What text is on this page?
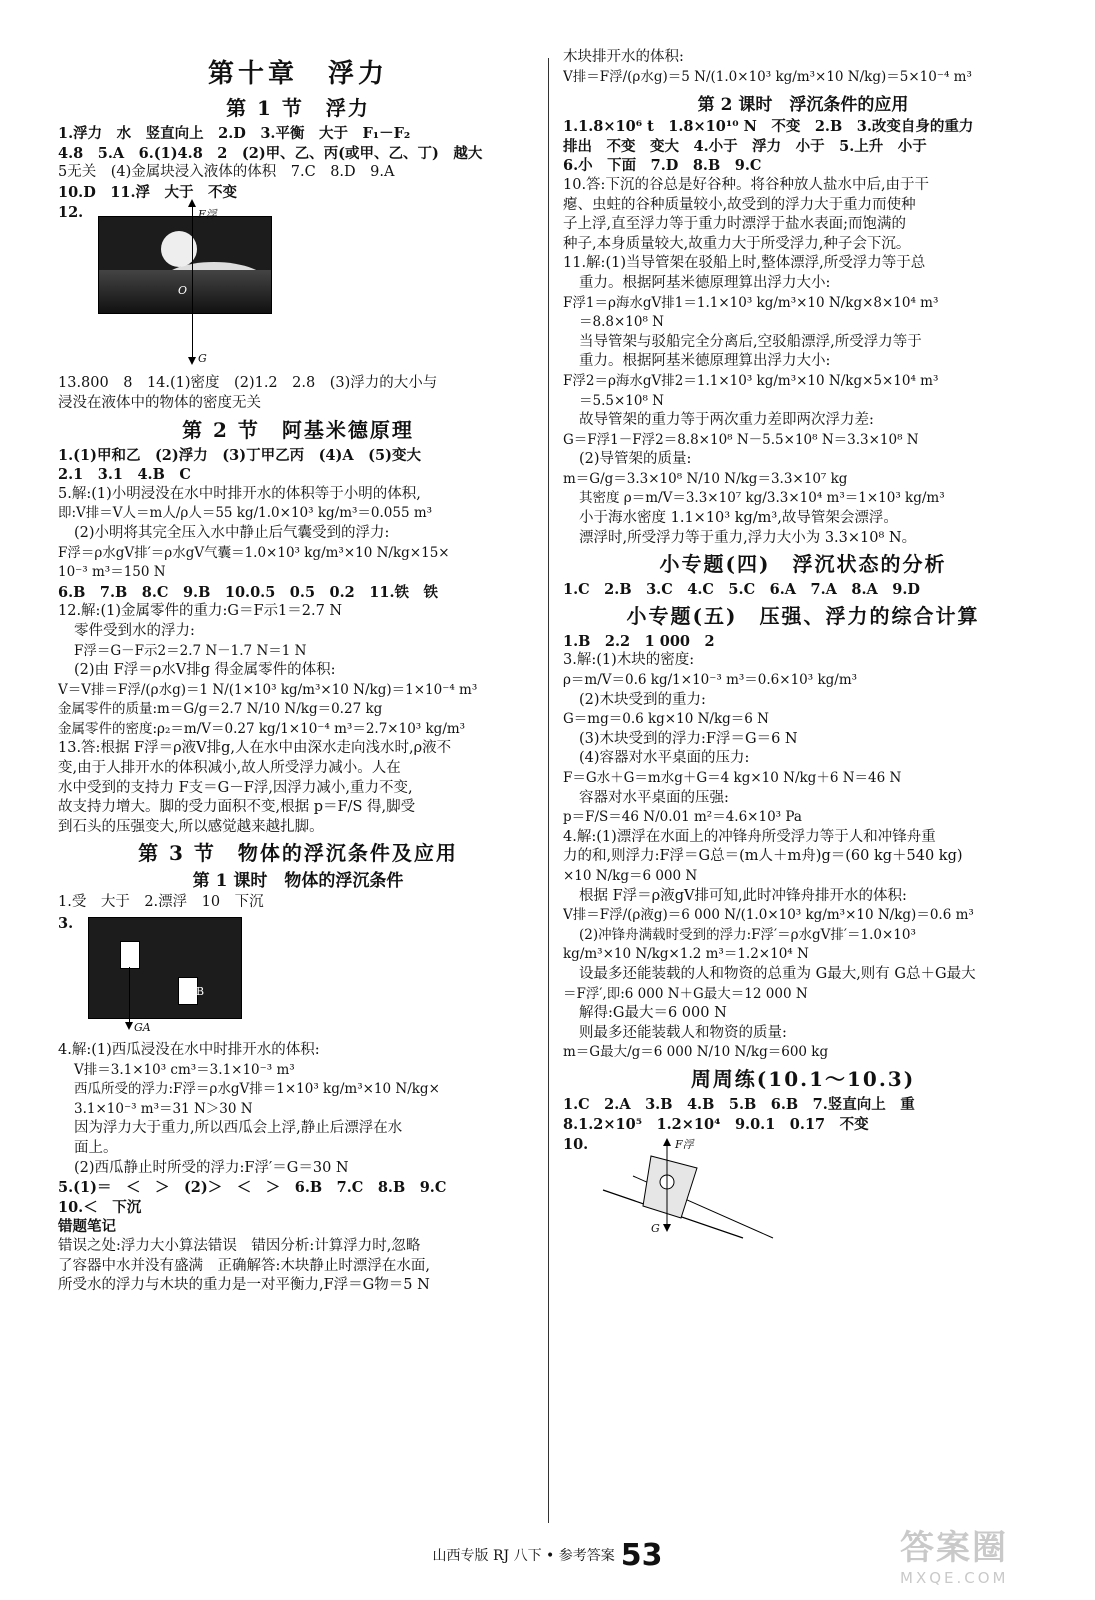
第十章　浮力
第 1 节　浮力
1.浮力　水　竖直向上　2.D　3.平衡　大于　F₁－F₂
4.8　5.A　6.(1)4.8　2　(2)甲、乙、丙(或甲、乙、丁)　越大
5无关　(4)金属块浸入液体的体积　7.C　8.D　9.A
10.D　11.浮　大于　不变
12.	F浮
O
G
13.800　8　14.(1)密度　(2)1.2　2.8　(3)浮力的大小与
浸没在液体中的物体的密度无关
第 2 节　阿基米德原理
1.(1)甲和乙　(2)浮力　(3)丁甲乙丙　(4)A　(5)变大
2.1　3.1　4.B　C
5.解:(1)小明浸没在水中时排开水的体积等于小明的体积,
即:V排＝V人＝m人/ρ人＝55 kg/1.0×10³ kg/m³＝0.055 m³
(2)小明将其完全压入水中静止后气囊受到的浮力:
F浮＝ρ水gV排′＝ρ水gV气囊＝1.0×10³ kg/m³×10 N/kg×15×
10⁻³ m³＝150 N
6.B　7.B　8.C　9.B　10.0.5　0.5　0.2　11.铁　铁
12.解:(1)金属零件的重力:G＝F示1＝2.7 N
零件受到水的浮力:
F浮＝G－F示2＝2.7 N－1.7 N＝1 N
(2)由 F浮＝ρ水V排g 得金属零件的体积:
V＝V排＝F浮/(ρ水g)＝1 N/(1×10³ kg/m³×10 N/kg)＝1×10⁻⁴ m³
金属零件的质量:m＝G/g＝2.7 N/10 N/kg＝0.27 kg
金属零件的密度:ρ₂＝m/V＝0.27 kg/1×10⁻⁴ m³＝2.7×10³ kg/m³
13.答:根据 F浮＝ρ液V排g,人在水中由深水走向浅水时,ρ液不
变,由于人排开水的体积减小,故人所受浮力减小。人在
水中受到的支持力 F支＝G－F浮,因浮力减小,重力不变,
故支持力增大。脚的受力面积不变,根据 p＝F/S 得,脚受
到石头的压强变大,所以感觉越来越扎脚。
第 3 节　物体的浮沉条件及应用
第 1 课时　物体的浮沉条件
1.受　大于　2.漂浮　10　下沉
3.
A
B
GA
4.解:(1)西瓜浸没在水中时排开水的体积:
V排＝3.1×10³ cm³＝3.1×10⁻³ m³
西瓜所受的浮力:F浮＝ρ水gV排＝1×10³ kg/m³×10 N/kg×
3.1×10⁻³ m³＝31 N＞30 N
因为浮力大于重力,所以西瓜会上浮,静止后漂浮在水
面上。
(2)西瓜静止时所受的浮力:F浮′＝G＝30 N
5.(1)＝　＜　＞　(2)＞　＜　＞　6.B　7.C　8.B　9.C
10.＜　下沉
错题笔记
错误之处:浮力大小算法错误　错因分析:计算浮力时,忽略
了容器中水并没有盛满　正确解答:木块静止时漂浮在水面,
所受水的浮力与木块的重力是一对平衡力,F浮＝G物＝5 N
木块排开水的体积:
V排＝F浮/(ρ水g)＝5 N/(1.0×10³ kg/m³×10 N/kg)＝5×10⁻⁴ m³
第 2 课时　浮沉条件的应用
1.1.8×10⁶ t　1.8×10¹⁰ N　不变　2.B　3.改变自身的重力
排出　不变　变大　4.小于　浮力　小于　5.上升　小于
6.小　下面　7.D　8.B　9.C
10.答:下沉的谷总是好谷种。将谷种放人盐水中后,由于干
瘪、虫蛀的谷种质量较小,故受到的浮力大于重力而使种
子上浮,直至浮力等于重力时漂浮于盐水表面;而饱满的
种子,本身质量较大,故重力大于所受浮力,种子会下沉。
11.解:(1)当导管架在驳船上时,整体漂浮,所受浮力等于总
重力。根据阿基米德原理算出浮力大小:
F浮1＝ρ海水gV排1＝1.1×10³ kg/m³×10 N/kg×8×10⁴ m³
＝8.8×10⁸ N
当导管架与驳船完全分离后,空驳船漂浮,所受浮力等于
重力。根据阿基米德原理算出浮力大小:
F浮2＝ρ海水gV排2＝1.1×10³ kg/m³×10 N/kg×5×10⁴ m³
＝5.5×10⁸ N
故导管架的重力等于两次重力差即两次浮力差:
G＝F浮1－F浮2＝8.8×10⁸ N－5.5×10⁸ N＝3.3×10⁸ N
(2)导管架的质量:
m＝G/g＝3.3×10⁸ N/10 N/kg＝3.3×10⁷ kg
其密度 ρ＝m/V＝3.3×10⁷ kg/3.3×10⁴ m³＝1×10³ kg/m³
小于海水密度 1.1×10³ kg/m³,故导管架会漂浮。
漂浮时,所受浮力等于重力,浮力大小为 3.3×10⁸ N。
小专题(四)　浮沉状态的分析
1.C　2.B　3.C　4.C　5.C　6.A　7.A　8.A　9.D
小专题(五)　压强、浮力的综合计算
1.B　2.2　1 000　2
3.解:(1)木块的密度:
ρ＝m/V＝0.6 kg/1×10⁻³ m³＝0.6×10³ kg/m³
(2)木块受到的重力:
G＝mg＝0.6 kg×10 N/kg＝6 N
(3)木块受到的浮力:F浮＝G＝6 N
(4)容器对水平桌面的压力:
F＝G水＋G＝m水g＋G＝4 kg×10 N/kg＋6 N＝46 N
容器对水平桌面的压强:
p＝F/S＝46 N/0.01 m²＝4.6×10³ Pa
4.解:(1)漂浮在水面上的冲锋舟所受浮力等于人和冲锋舟重
力的和,则浮力:F浮＝G总＝(m人＋m舟)g＝(60 kg＋540 kg)
×10 N/kg＝6 000 N
根据 F浮＝ρ液gV排可知,此时冲锋舟排开水的体积:
V排＝F浮/(ρ液g)＝6 000 N/(1.0×10³ kg/m³×10 N/kg)＝0.6 m³
(2)冲锋舟满载时受到的浮力:F浮′＝ρ水gV排′＝1.0×10³
kg/m³×10 N/kg×1.2 m³＝1.2×10⁴ N
设最多还能装载的人和物资的总重为 G最大,则有 G总＋G最大
＝F浮′,即:6 000 N＋G最大＝12 000 N
解得:G最大＝6 000 N
则最多还能装载人和物资的质量:
m＝G最大/g＝6 000 N/10 N/kg＝600 kg
周周练(10.1～10.3)
1.C　2.A　3.B　4.B　5.B　6.B　7.竖直向上　重
8.1.2×10⁵　1.2×10⁴　9.0.1　0.17　不变
10.	F浮
G
山西专版 RJ 八下 • 参考答案 53	答案圈
MXQE.COM
